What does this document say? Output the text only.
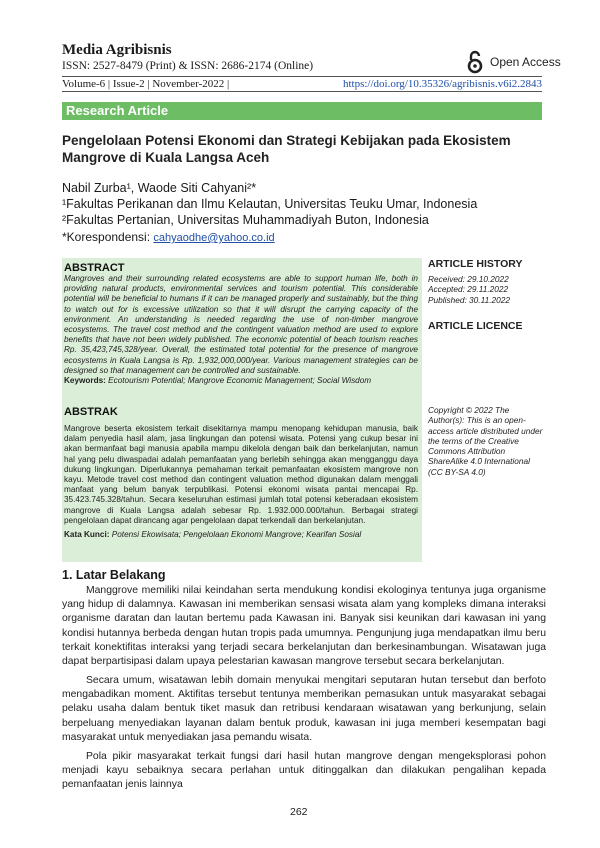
Media Agribisnis
ISSN: 2527-8479 (Print) & ISSN: 2686-2174 (Online)	Open Access
Volume-6 | Issue-2 | November-2022 |	https://doi.org/10.35326/agribisnis.v6i2.2843
Research Article
Pengelolaan Potensi Ekonomi dan Strategi Kebijakan pada Ekosistem Mangrove di Kuala Langsa Aceh
Nabil Zurba¹, Waode Siti Cahyani²*
¹Fakultas Perikanan dan Ilmu Kelautan, Universitas Teuku Umar, Indonesia
²Fakultas Pertanian, Universitas Muhammadiyah Buton, Indonesia
*Korespondensi: cahyaodhe@yahoo.co.id
ABSTRACT
Mangroves and their surrounding related ecosystems are able to support human life, both in providing natural products, environmental services and tourism potential. This considerable potential will be beneficial to humans if it can be managed properly and sustainably, but the thing to watch out for is excessive utilization so that it will disrupt the carrying capacity of the environment. An understanding is needed regarding the use of non-timber mangrove ecosystems. The travel cost method and the contingent valuation method are used to explore benefits that have not been widely published. The economic potential of beach tourism reaches Rp. 35,423,745,328/year. Overall, the estimated total potential for the presence of mangrove ecosystems in Kuala Langsa is Rp. 1,932,000,000/year. Various management strategies can be designed so that management can be controlled and sustainable.
Keywords: Ecotourism Potential; Mangrove Economic Management; Social Wisdom
ABSTRAK
Mangrove beserta ekosistem terkait disekitarnya mampu menopang kehidupan manusia, baik dalam penyedia hasil alam, jasa lingkungan dan potensi wisata. Potensi yang cukup besar ini akan bermanfaat bagi manusia apabila mampu dikelola dengan baik dan berkelanjutan, namun hal yang pelu diwaspadai adalah pemanfaatan yang berlebih sehingga akan mengganggu daya dukung lingkungan. Diperlukannya pemahaman terkait pemanfaatan ekosistem mangrove non kayu. Metode travel cost method dan contingent valuation method digunakan dalam menggali manfaat yang belum banyak terpublikasi. Potensi ekonomi wisata pantai mencapai Rp. 35.423.745.328/tahun. Secara keseluruhan estimasi jumlah total potensi keberadaan ekosistem mangrove di Kuala Langsa adalah sebesar Rp. 1.932.000.000/tahun. Berbagai strategi pengelolaan dapat dirancang agar pengelolaan dapat terkendali dan berkelanjutan.
Kata Kunci: Potensi Ekowisata; Pengelolaan Ekonomi Mangrove; Kearifan Sosial
ARTICLE HISTORY
Received: 29.10.2022
Accepted: 29.11.2022
Published: 30.11.2022
ARTICLE LICENCE
Copyright © 2022 The Author(s): This is an open-access article distributed under the terms of the Creative Commons Attribution ShareAlike 4.0 International (CC BY-SA 4.0)
1. Latar Belakang

Manggrove memiliki nilai keindahan serta mendukung kondisi ekologinya tentunya juga organisme yang hidup di dalamnya. Kawasan ini memberikan sensasi wisata alam yang kompleks dimana interaksi organisme daratan dan lautan bertemu pada Kawasan ini. Banyak sisi keunikan dari kawasan ini yang kondisi hutannya berbeda dengan hutan tropis pada umumnya. Pengunjung juga mendapatkan ilmu beru terkait konektifitas interaksi yang terjadi secara berkelanjutan dan berkesinambungan. Wisatawan juga dapat berpartisipasi dalam upaya pelestarian kawasan mangrove tersebut secara berkelanjutan.

Secara umum, wisatawan lebih domain menyukai mengitari seputaran hutan tersebut dan berfoto mengabadikan moment. Aktifitas tersebut tentunya memberikan pemasukan untuk masyarakat sebagai pelaku usaha dalam bentuk tiket masuk dan retribusi kendaraan wisatawan yang berkunjung, selain berpeluang menyediakan layanan dalam bentuk produk, kawasan ini juga memberi kesempatan bagi masyarakat untuk menyediakan jasa pemandu wisata.

Pola pikir masyarakat terkait fungsi dari hasil hutan mangrove dengan mengeksplorasi pohon menjadi kayu sebaiknya secara perlahan untuk ditinggalkan dan dilakukan pengalihan kepada pemanfaatan jenis lainnya

262
